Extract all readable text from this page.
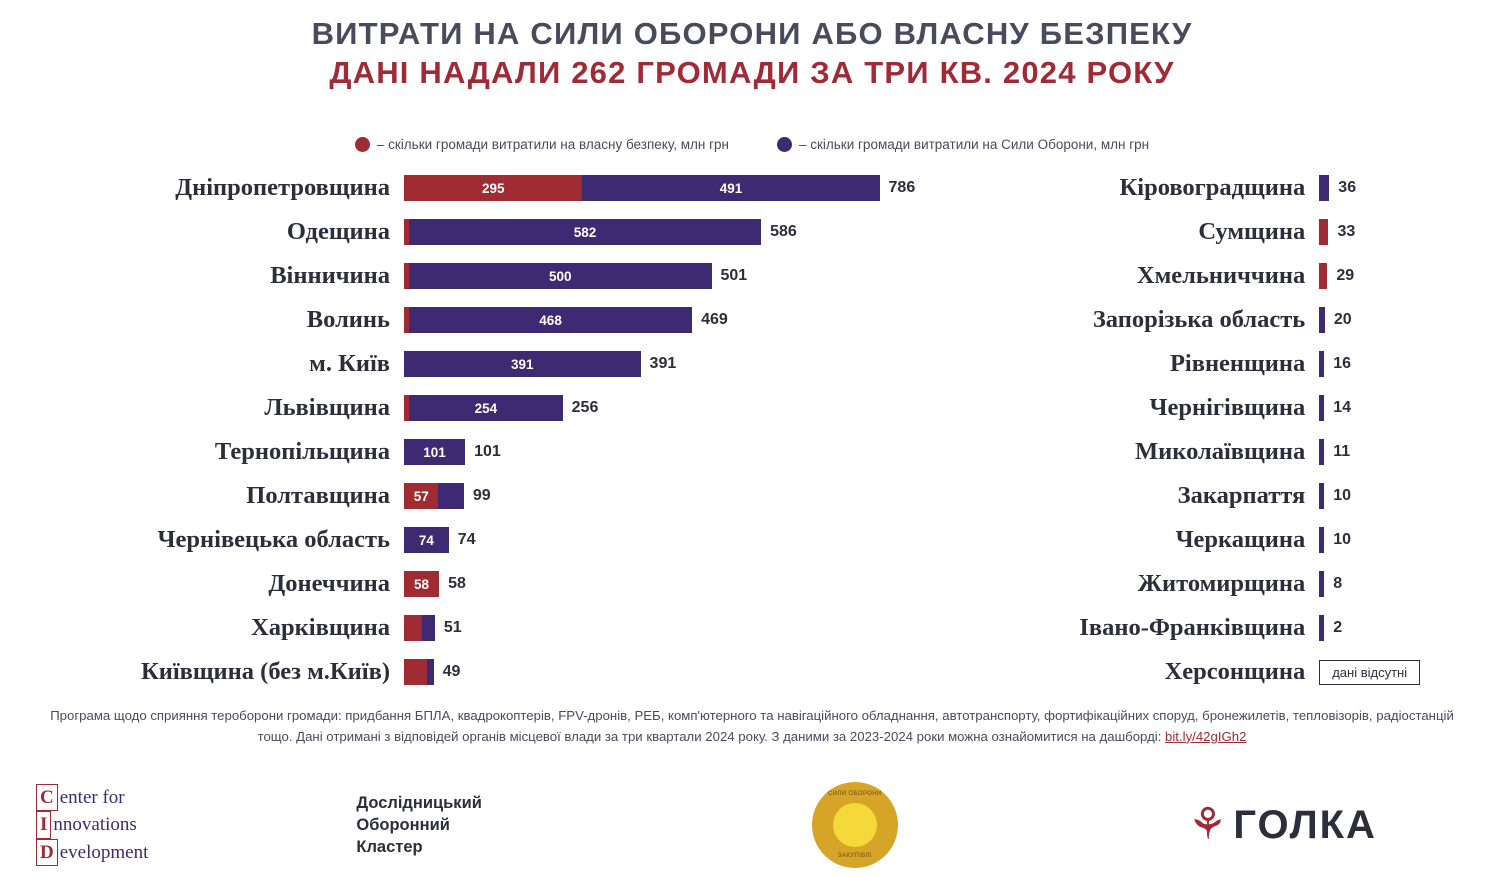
ВИТРАТИ НА СИЛИ ОБОРОНИ АБО ВЛАСНУ БЕЗПЕКУ
ДАНІ НАДАЛИ 262 ГРОМАДИ ЗА ТРИ КВ. 2024 РОКУ
– скільки громади витратили на власну безпеку, млн грн	– скільки громади витратили на Сили Оборони, млн грн
Дніпропетровщина	295	491	786
Одещина	582	586
Вінничина	500	501
Волинь	468	469
м. Київ	391	391
Львівщина	254	256
Тернопільщина	101	101
Полтавщина	57	99
Чернівецька область	74	74
Донеччина	58	58
Харківщина	51
Київщина (без м.Київ)	49
Кіровоградщина 36
Сумщина 33
Хмельниччина 29
Запорізька область 20
Рівненщина 16
Чернігівщина 14
Миколаївщина 11
Закарпаття 10
Черкащина 10
Житомирщина 8
Івано-Франківщина 2
Херсонщина	дані відсутні
Програма щодо сприяння тероборони громади: придбання БПЛА, квадрокоптерів, FPV-дронів, РЕБ, комп'ютерного та навігаційного обладнання, автотранспорту, фортифікаційних споруд, бронежилетів, тепловізорів, радіостанцій тощо. Дані отримані з відповідей органів місцевої влади за три квартали 2024 року. З даними за 2023-2024 роки можна ознайомитися на дашборді: bit.ly/42gIGh2
C enter for
I nnovations
D evelopment
Дослідницький
Оборонний
Кластер
СИЛИ ОБОРОНИ
ЗАКУПІВЛІ
⚘ ГОЛКА
